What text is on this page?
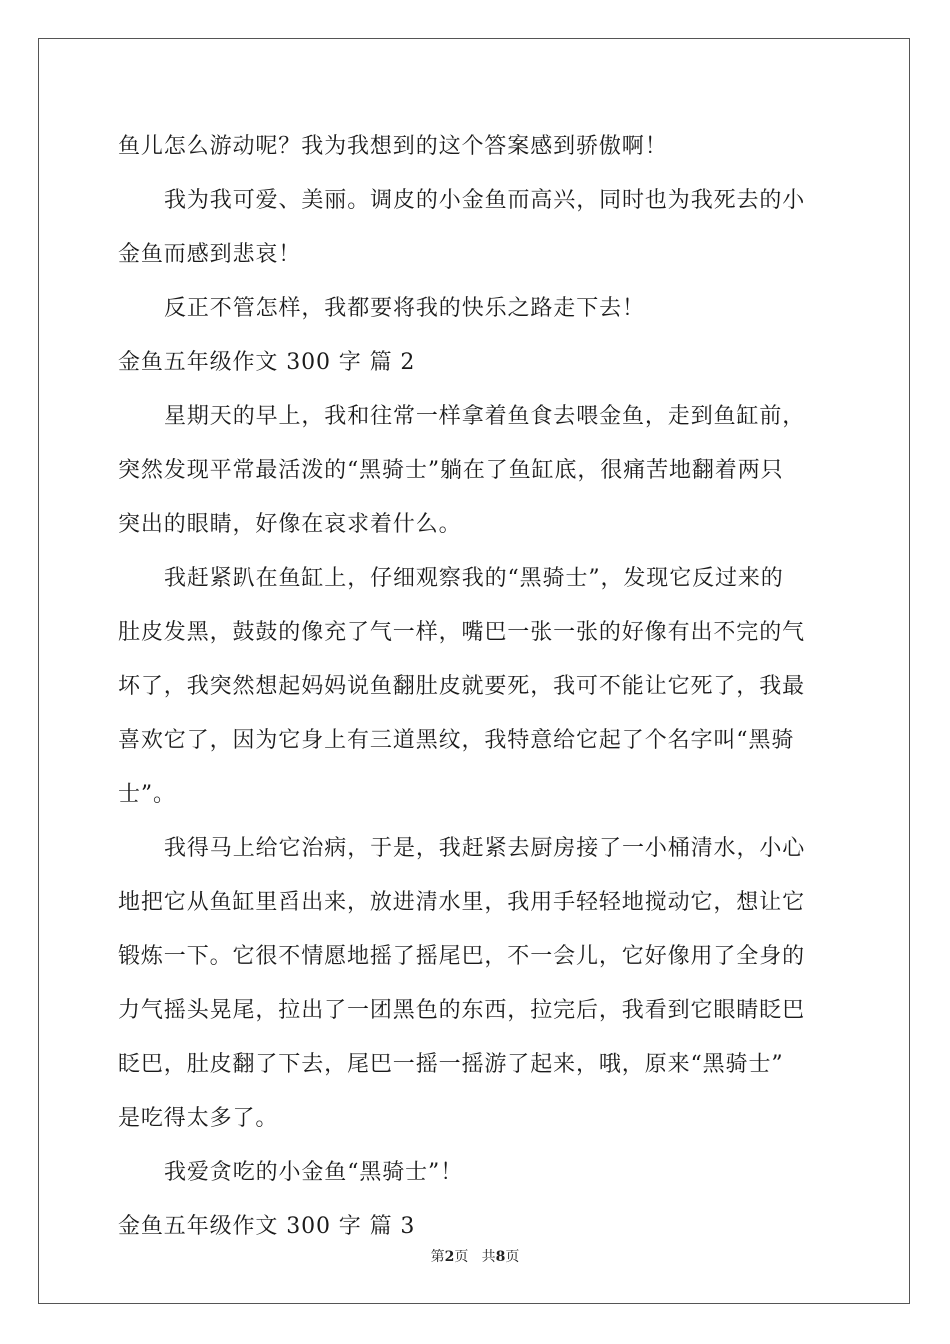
鱼儿怎么游动呢？我为我想到的这个答案感到骄傲啊！
我为我可爱、美丽。调皮的小金鱼而高兴，同时也为我死去的小
金鱼而感到悲哀！
反正不管怎样，我都要将我的快乐之路走下去！
金鱼五年级作文 300 字 篇 2
星期天的早上，我和往常一样拿着鱼食去喂金鱼，走到鱼缸前，
突然发现平常最活泼的“黑骑士”躺在了鱼缸底，很痛苦地翻着两只
突出的眼睛，好像在哀求着什么。
我赶紧趴在鱼缸上，仔细观察我的“黑骑士”，发现它反过来的
肚皮发黑，鼓鼓的像充了气一样，嘴巴一张一张的好像有出不完的气
坏了，我突然想起妈妈说鱼翻肚皮就要死，我可不能让它死了，我最
喜欢它了，因为它身上有三道黑纹，我特意给它起了个名字叫“黑骑
士”。
我得马上给它治病，于是，我赶紧去厨房接了一小桶清水，小心
地把它从鱼缸里舀出来，放进清水里，我用手轻轻地搅动它，想让它
锻炼一下。它很不情愿地摇了摇尾巴，不一会儿，它好像用了全身的
力气摇头晃尾，拉出了一团黑色的东西，拉完后，我看到它眼睛眨巴
眨巴，肚皮翻了下去，尾巴一摇一摇游了起来，哦，原来“黑骑士”
是吃得太多了。
我爱贪吃的小金鱼“黑骑士”！
金鱼五年级作文 300 字 篇 3
第2页 共8页
